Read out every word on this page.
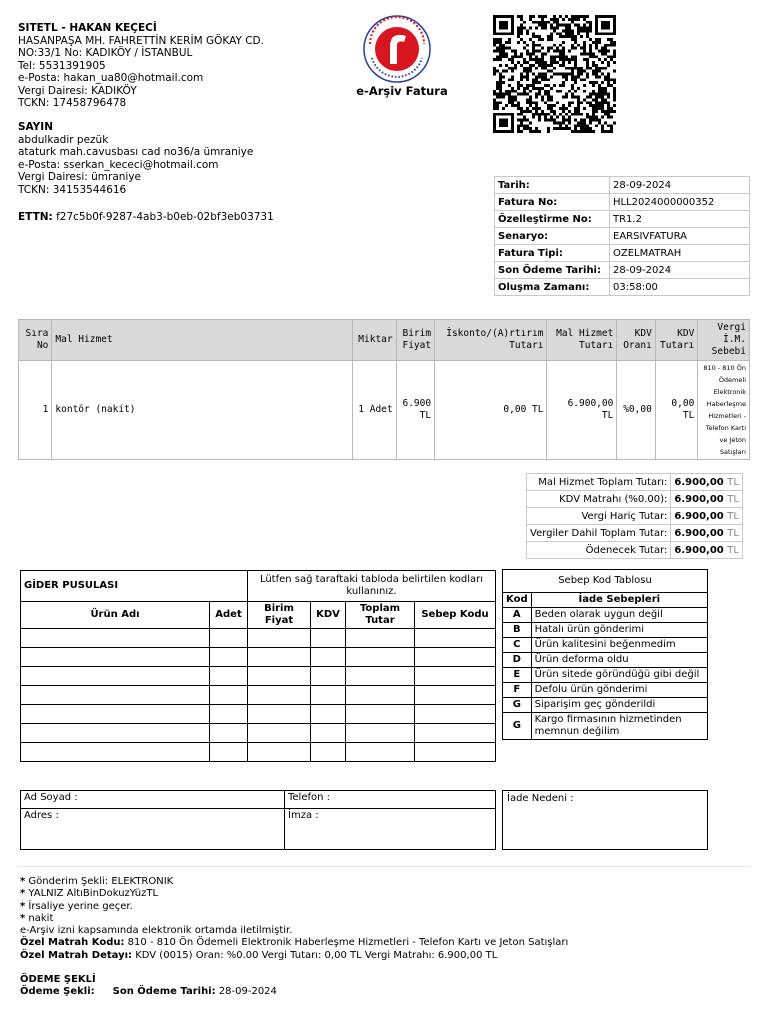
SITETL - HAKAN KEÇECİ
HASANPAŞA MH. FAHRETTİN KERİM GÖKAY CD.
NO:33/1 No: KADIKÖY / İSTANBUL
Tel: 5531391905
e-Posta: hakan_ua80@hotmail.com
Vergi Dairesi: KADIKÖY
TCKN: 17458796478
SAYIN
abdulkadir pezük
ataturk mah.cavusbası cad no36/a ümraniye
e-Posta: sserkan_kececi@hotmail.com
Vergi Dairesi: ümraniye
TCKN: 34153544616
ETTN: f27c5b0f-9287-4ab3-b0eb-02bf3eb03731
e-Arşiv Fatura
Tarih:	28-09-2024
Fatura No:	HLL2024000000352
Özelleştirme No:	TR1.2
Senaryo:	EARSIVFATURA
Fatura Tipi:	OZELMATRAH
Son Ödeme Tarihi:	28-09-2024
Oluşma Zamanı:	03:58:00
Sıra No	Mal Hizmet	Miktar	Birim Fiyat	İskonto/(A)rtırım Tutarı	Mal Hizmet Tutarı	KDV Oranı	KDV Tutarı	Vergi İ.M. Sebebi
1	kontör (nakit)	1 Adet	6.900 TL	0,00 TL	6.900,00 TL	%0,00	0,00 TL	810 - 810 Ön Ödemeli Elektronik Haberleşme Hizmetleri - Telefon Kartı ve Jeton Satışları
Mal Hizmet Toplam Tutarı:	6.900,00 TL
KDV Matrahı (%0.00):	6.900,00 TL
Vergi Hariç Tutar:	6.900,00 TL
Vergiler Dahil Toplam Tutar:	6.900,00 TL
Ödenecek Tutar:	6.900,00 TL
GİDER PUSULASI		Lütfen sağ taraftaki tabloda belirtilen kodları kullanınız.			
Ürün Adı	Adet	Birim Fiyat	KDV	Toplam Tutar	Sebep Kodu

Sebep Kod Tablosu	
Kod	İade Sebepleri
A	Beden olarak uygun değil
B	Hatalı ürün gönderimi
C	Ürün kalitesini beğenmedim
D	Ürün deforma oldu
E	Ürün sitede göründüğü gibi değil
F	Defolu ürün gönderimi
G	Siparişim geç gönderildi
G	Kargo firmasının hizmetinden memnun değilim
Ad Soyad :	Telefon :
Adres :	İmza :
İade Nedeni :
* Gönderim Şekli: ELEKTRONIK
* YALNIZ AltıBinDokuzYüzTL
* İrsaliye yerine geçer.
* nakit
e-Arşiv izni kapsamında elektronik ortamda iletilmiştir.
Özel Matrah Kodu: 810 - 810 Ön Ödemeli Elektronik Haberleşme Hizmetleri - Telefon Kartı ve Jeton Satışları
Özel Matrah Detayı: KDV (0015) Oran: %0.00 Vergi Tutarı: 0,00 TL Vergi Matrahı: 6.900,00 TL
ÖDEME ŞEKLİ
Ödeme Şekli: Son Ödeme Tarihi: 28-09-2024
